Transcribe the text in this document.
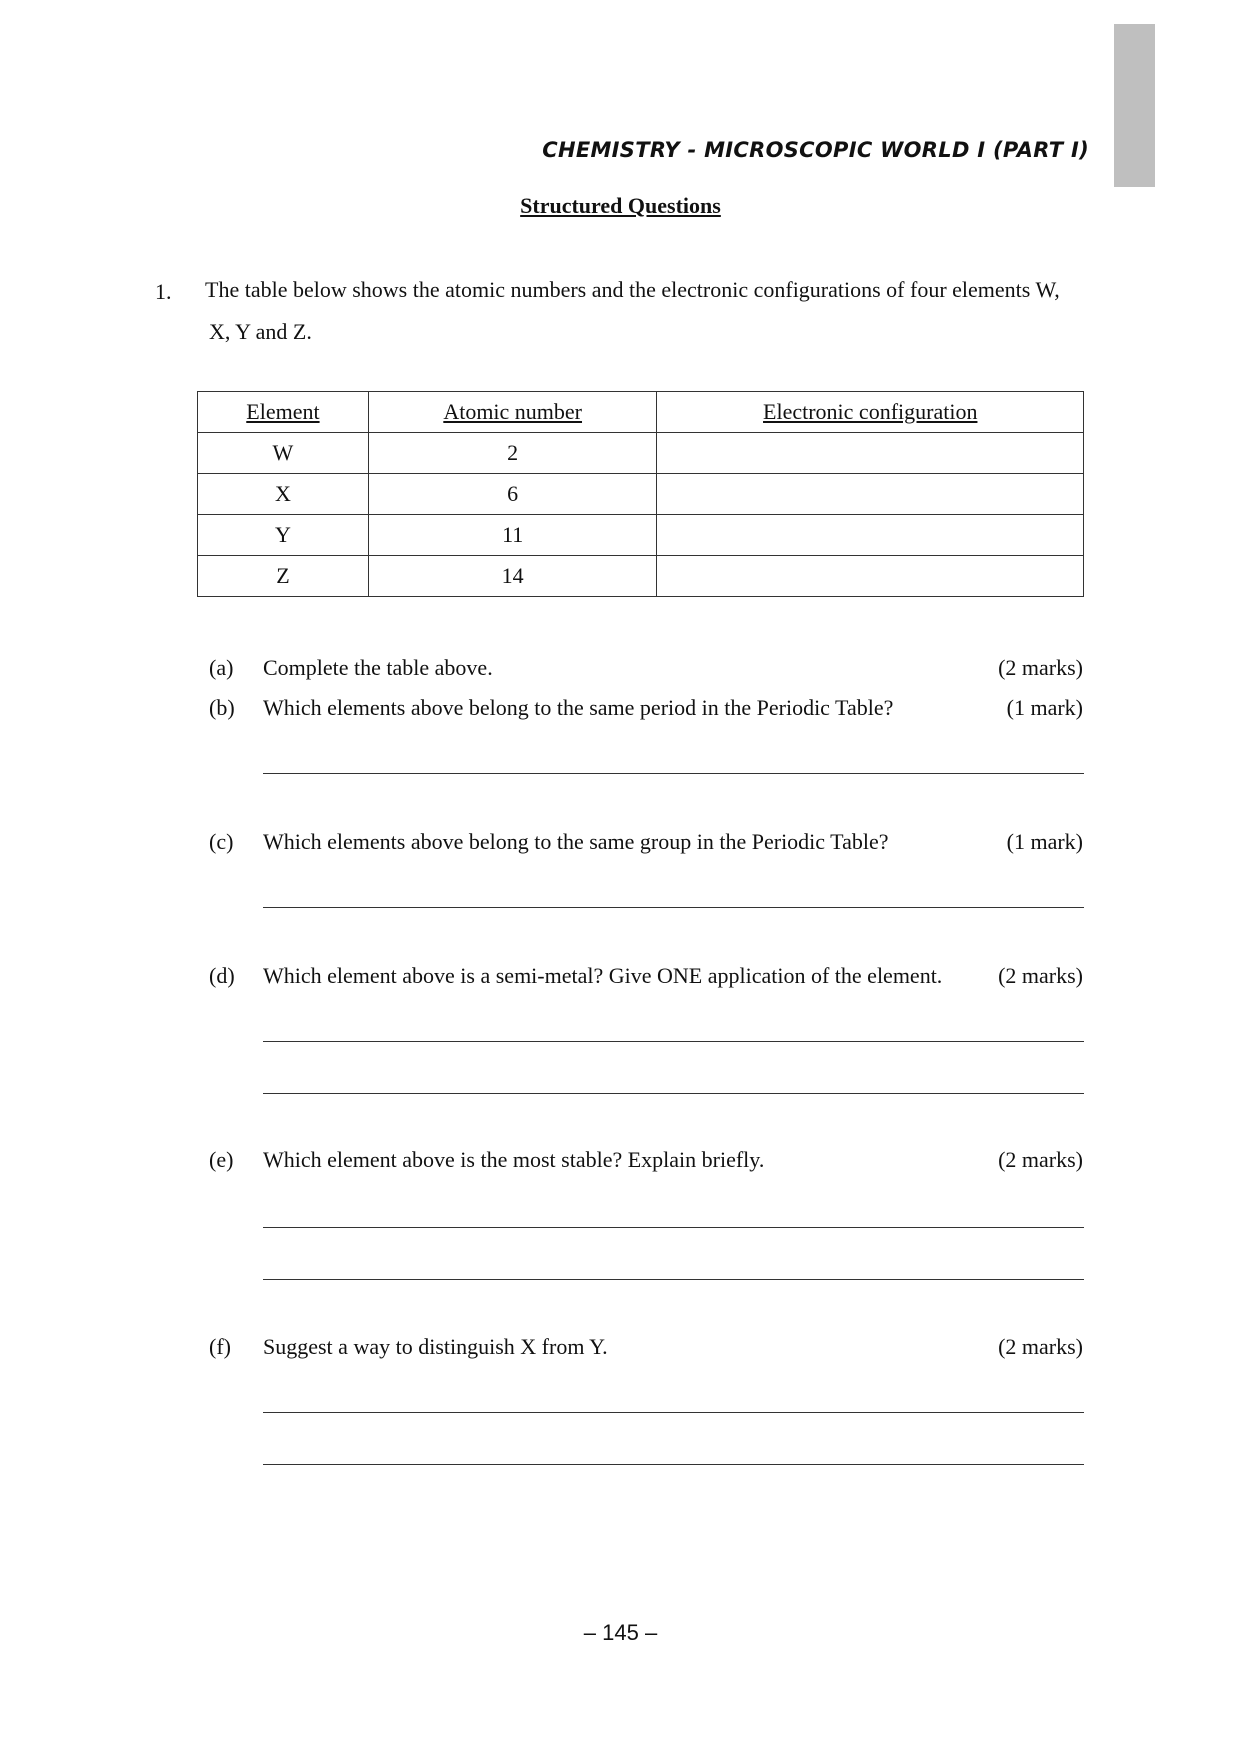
CHEMISTRY - MICROSCOPIC WORLD I (PART I)
Structured Questions
1. The table below shows the atomic numbers and the electronic configurations of four elements W,
X, Y and Z.
Element	Atomic number	Electronic configuration
W	2	
X	6	
Y	11	
Z	14	
(a) Complete the table above.	(2 marks)
(b) Which elements above belong to the same period in the Periodic Table?	(1 mark)
(c) Which elements above belong to the same group in the Periodic Table?	(1 mark)
(d) Which element above is a semi-metal? Give ONE application of the element.	(2 marks)
(e) Which element above is the most stable? Explain briefly.	(2 marks)
(f) Suggest a way to distinguish X from Y.	(2 marks)
– 145 –
